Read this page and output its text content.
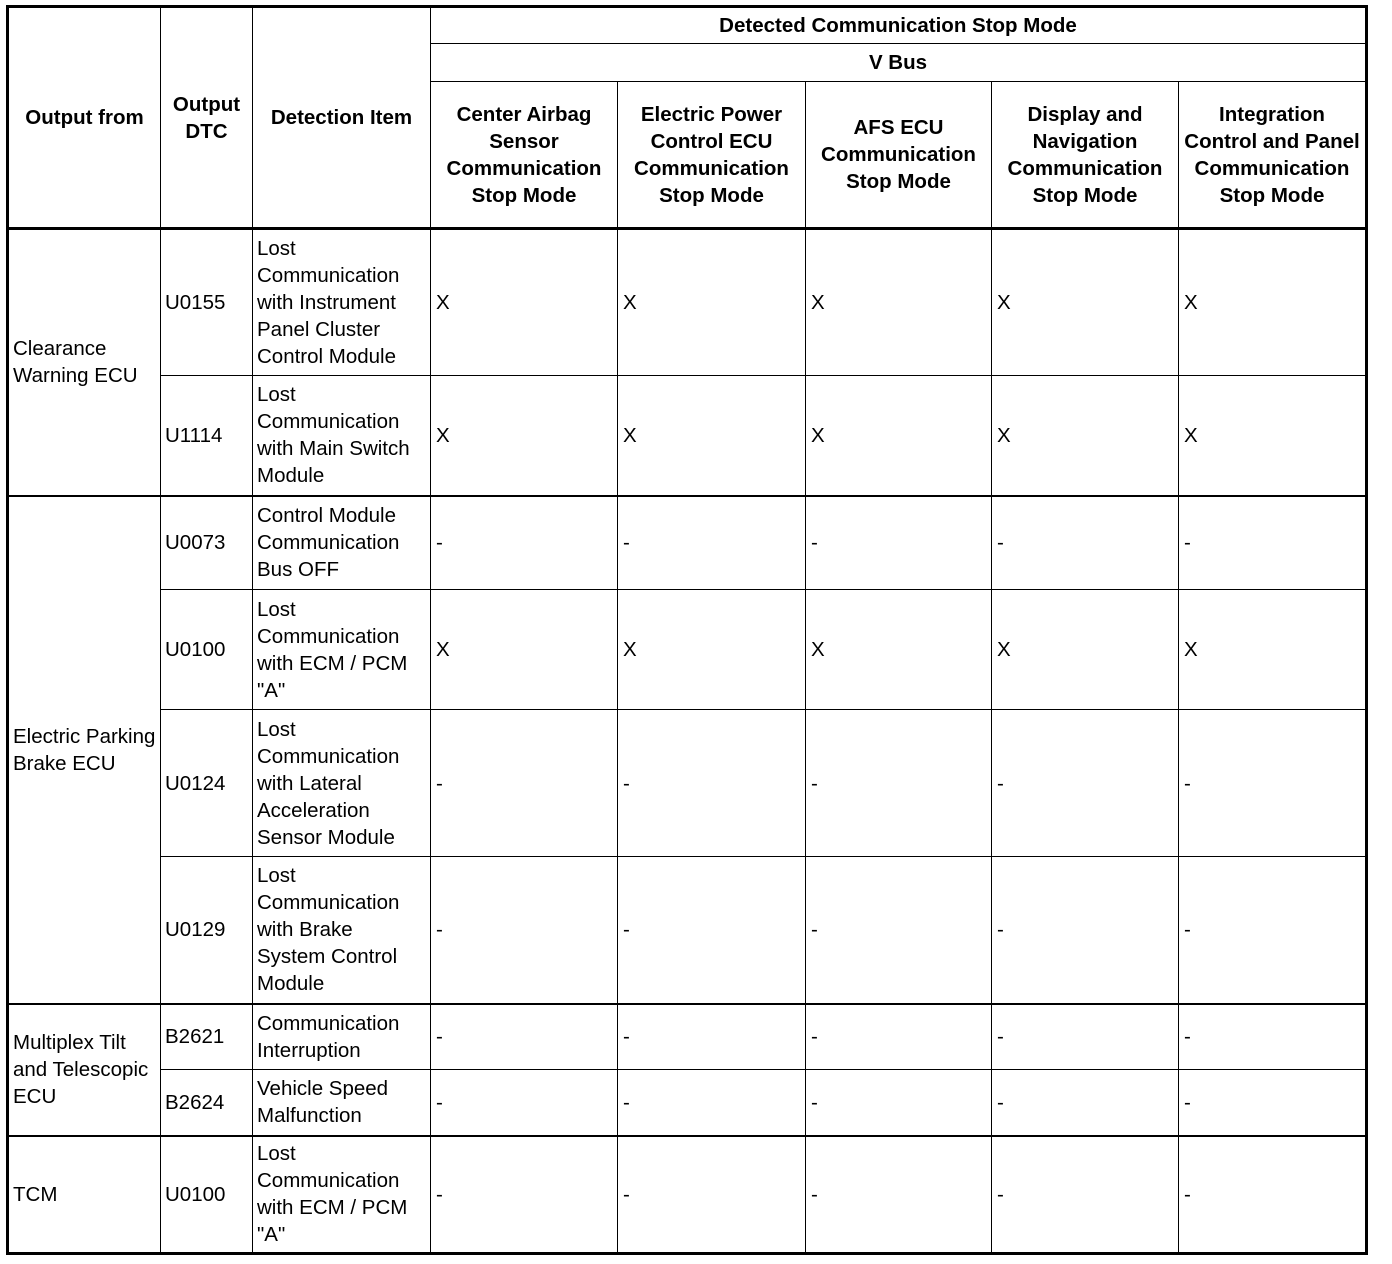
Output from	Output DTC	Detection Item	Detected Communication Stop Mode				
			V Bus				
			Center Airbag Sensor Communication Stop Mode	Electric Power Control ECU Communication Stop Mode	AFS ECU Communication Stop Mode	Display and Navigation Communication Stop Mode	Integration Control and Panel Communication Stop Mode
Clearance Warning ECU	U0155	Lost Communication with Instrument Panel Cluster Control Module	X	X	X	X	X
	U1114	Lost Communication with Main Switch Module	X	X	X	X	X
Electric Parking Brake ECU	U0073	Control Module Communication Bus OFF	-	-	-	-	-
	U0100	Lost Communication with ECM / PCM "A"	X	X	X	X	X
	U0124	Lost Communication with Lateral Acceleration Sensor Module	-	-	-	-	-
	U0129	Lost Communication with Brake System Control Module	-	-	-	-	-
Multiplex Tilt and Telescopic ECU	B2621	Communication Interruption	-	-	-	-	-
	B2624	Vehicle Speed Malfunction	-	-	-	-	-
TCM	U0100	Lost Communication with ECM / PCM "A"	-	-	-	-	-
